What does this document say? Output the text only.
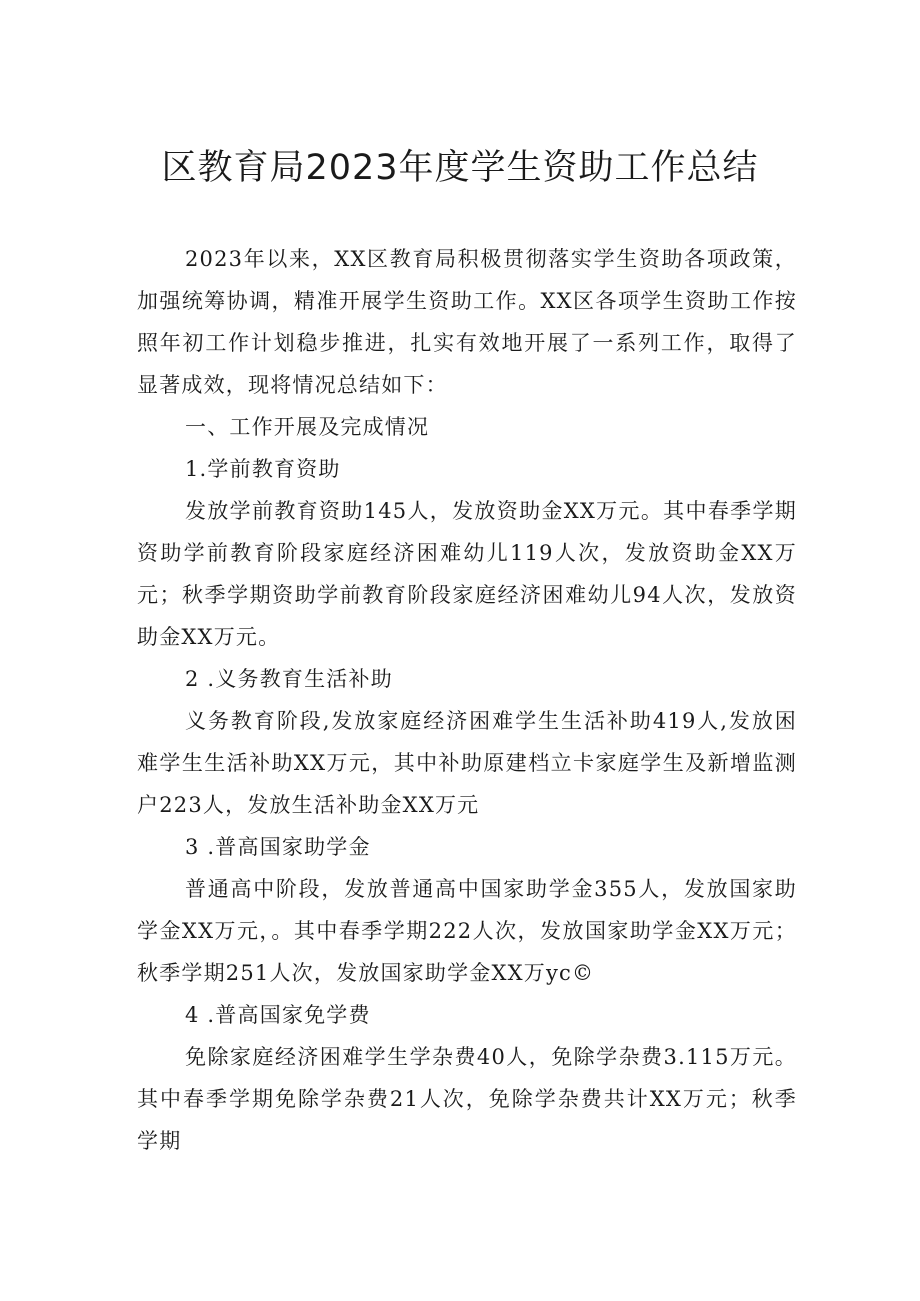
区教育局2023年度学生资助工作总结

2023年以来，XX区教育局积极贯彻落实学生资助各项政策，加强统筹协调，精准开展学生资助工作。XX区各项学生资助工作按照年初工作计划稳步推进，扎实有效地开展了一系列工作，取得了显著成效，现将情况总结如下：

一、工作开展及完成情况

1.学前教育资助

发放学前教育资助145人，发放资助金XX万元。其中春季学期资助学前教育阶段家庭经济困难幼儿119人次，发放资助金XX万元；秋季学期资助学前教育阶段家庭经济困难幼儿94人次，发放资助金XX万元。

2 .义务教育生活补助

义务教育阶段,发放家庭经济困难学生生活补助419人,发放困难学生生活补助XX万元，其中补助原建档立卡家庭学生及新增监测户223人，发放生活补助金XX万元

3 .普高国家助学金

普通高中阶段，发放普通高中国家助学金355人，发放国家助学金XX万元，。其中春季学期222人次，发放国家助学金XX万元；秋季学期251人次，发放国家助学金XX万yc©

4 .普高国家免学费

免除家庭经济困难学生学杂费40人，免除学杂费3.115万元。其中春季学期免除学杂费21人次，免除学杂费共计XX万元；秋季学期
